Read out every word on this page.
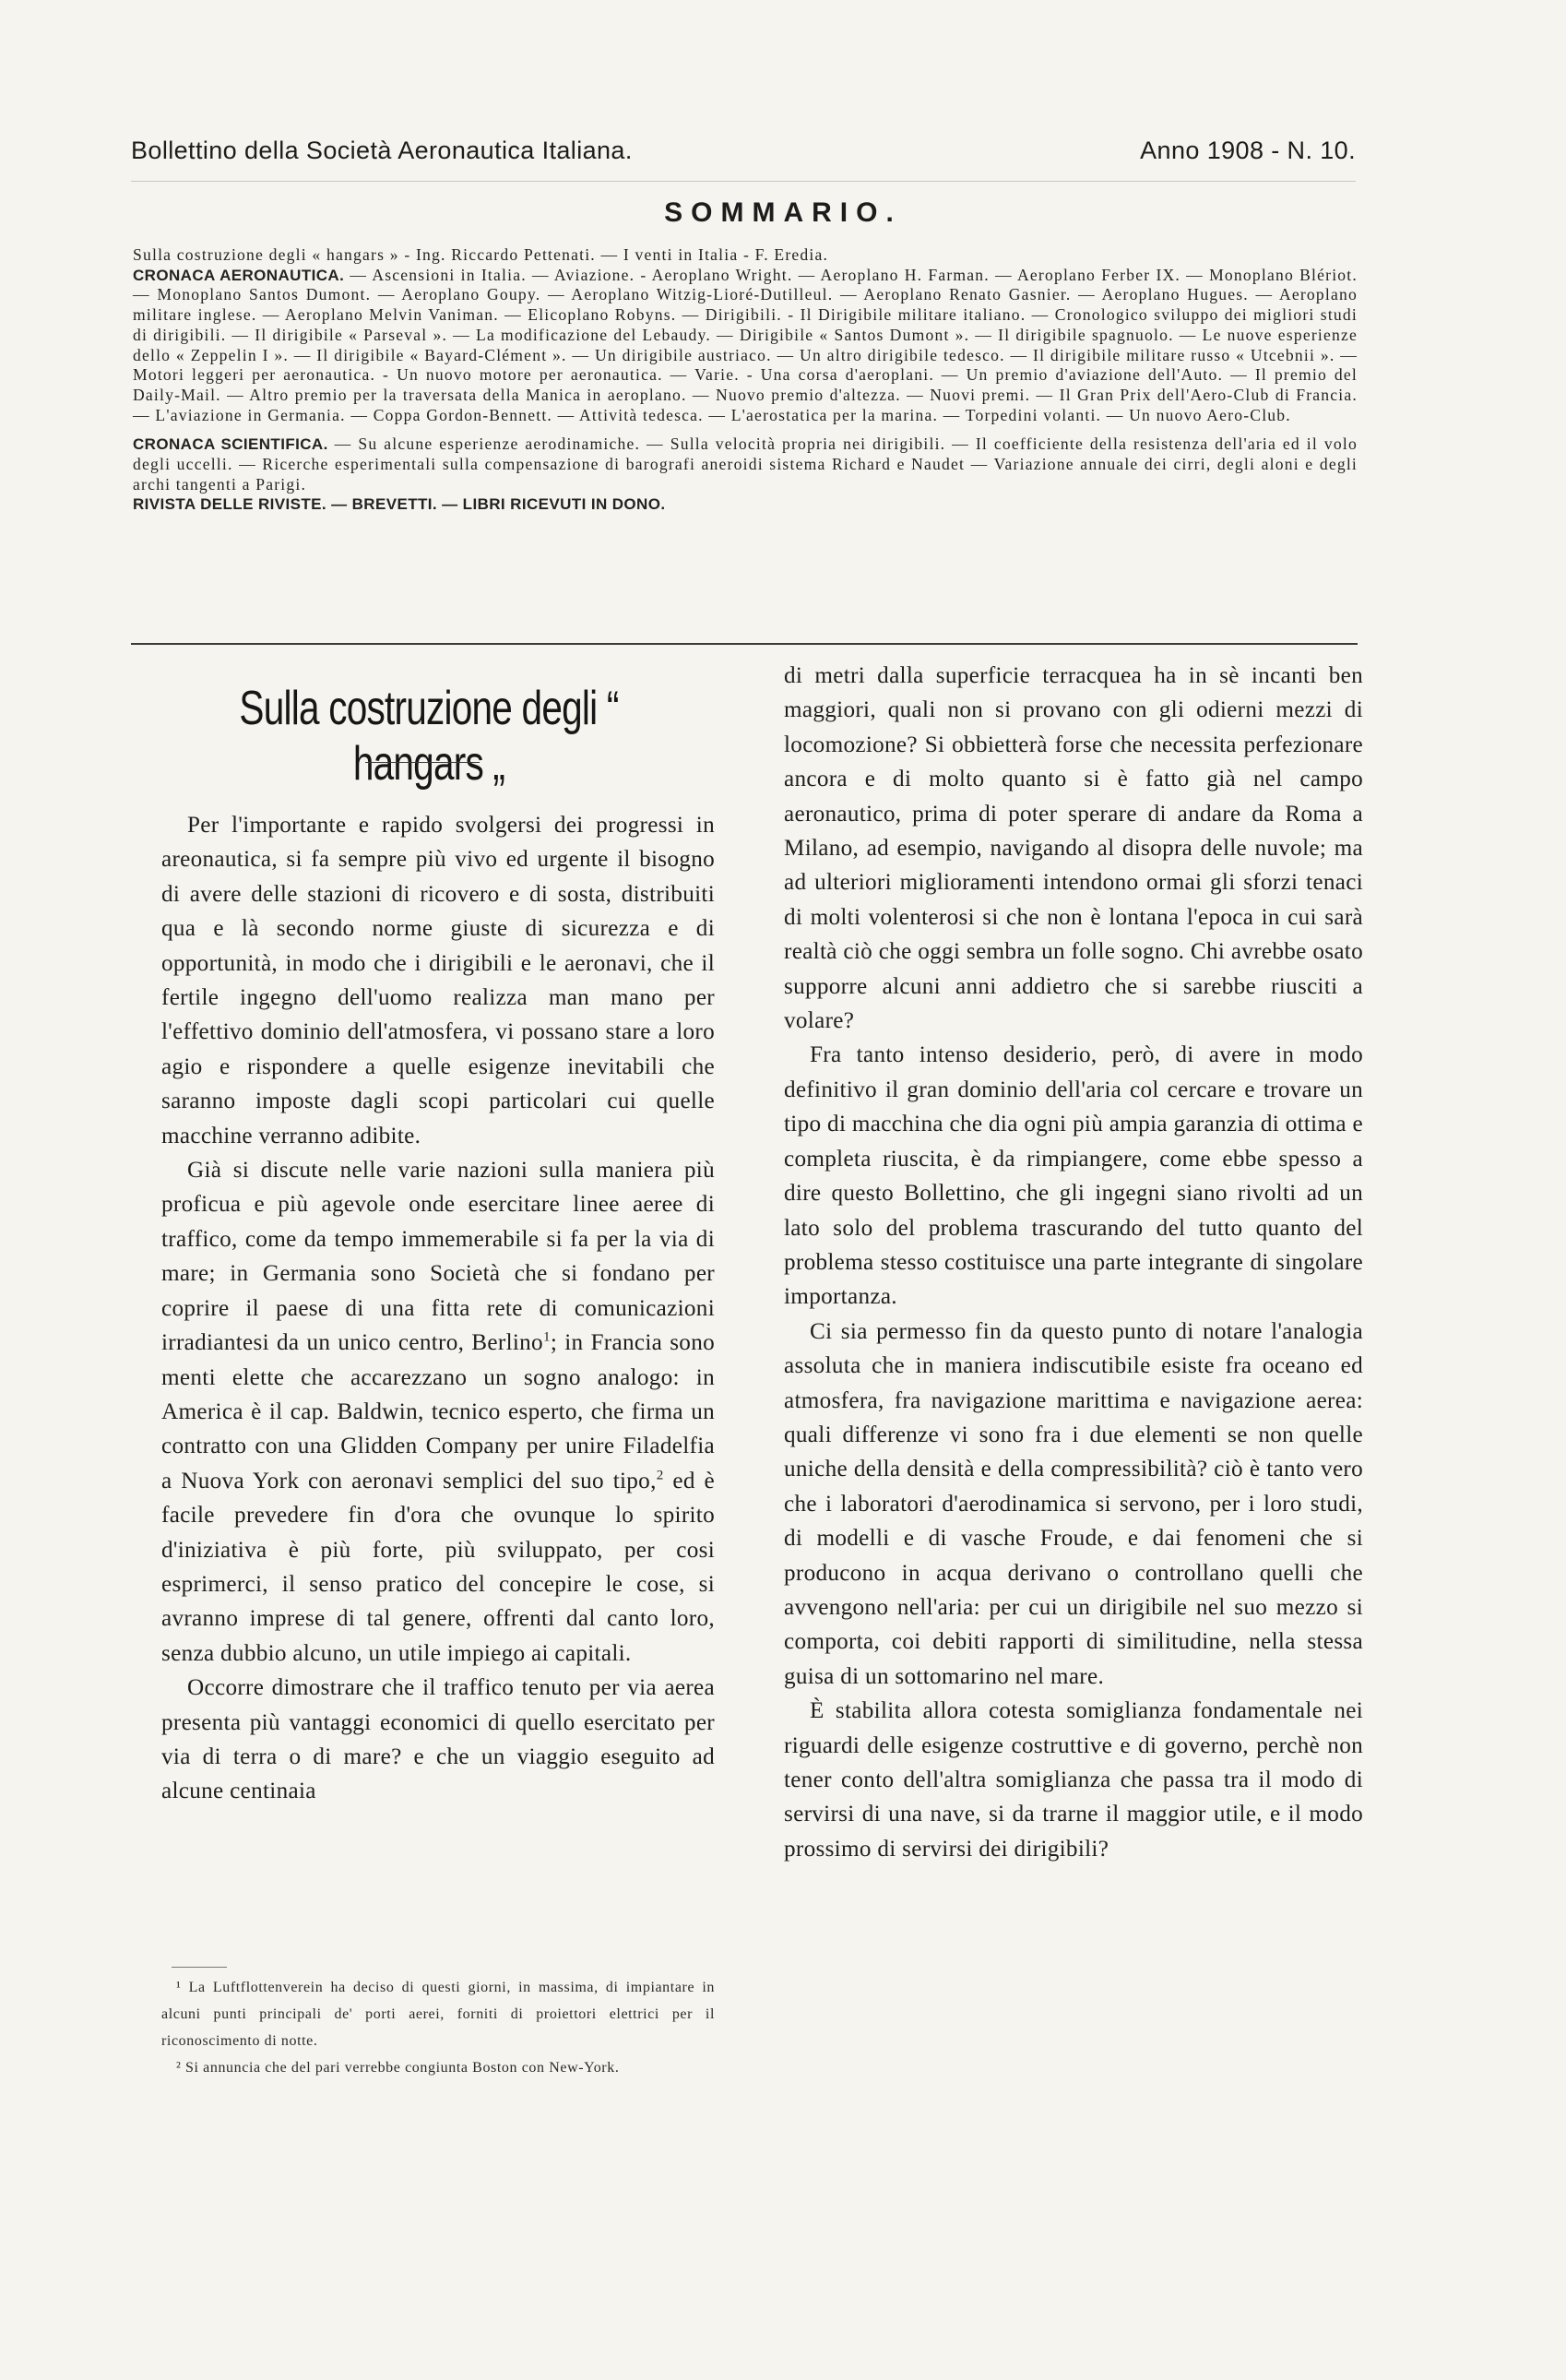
Bollettino della Società Aeronautica Italiana.	Anno 1908 - N. 10.
SOMMARIO.

Sulla costruzione degli « hangars » - Ing. Riccardo Pettenati. — I venti in Italia - F. Eredia.

CRONACA AERONAUTICA. — Ascensioni in Italia. — Aviazione. - Aeroplano Wright. — Aeroplano H. Farman. — Aeroplano Ferber IX. — Monoplano Blériot. — Monoplano Santos Dumont. — Aeroplano Goupy. — Aeroplano Witzig-Lioré-Dutilleul. — Aeroplano Renato Gasnier. — Aeroplano Hugues. — Aeroplano militare inglese. — Aeroplano Melvin Vaniman. — Elicoplano Robyns. — Dirigibili. - Il Dirigibile militare italiano. — Cronologico sviluppo dei migliori studi di dirigibili. — Il dirigibile « Parseval ». — La modificazione del Lebaudy. — Dirigibile « Santos Dumont ». — Il dirigibile spagnuolo. — Le nuove esperienze dello « Zeppelin I ». — Il dirigibile « Bayard-Clément ». — Un dirigibile austriaco. — Un altro dirigibile tedesco. — Il dirigibile militare russo « Utcebnii ». — Motori leggeri per aeronautica. - Un nuovo motore per aeronautica. — Varie. - Una corsa d'aeroplani. — Un premio d'aviazione dell'Auto. — Il premio del Daily-Mail. — Altro premio per la traversata della Manica in aeroplano. — Nuovo premio d'altezza. — Nuovi premi. — Il Gran Prix dell'Aero-Club di Francia. — L'aviazione in Germania. — Coppa Gordon-Bennett. — Attività tedesca. — L'aerostatica per la marina. — Torpedini volanti. — Un nuovo Aero-Club.

CRONACA SCIENTIFICA. — Su alcune esperienze aerodinamiche. — Sulla velocità propria nei dirigibili. — Il coefficiente della resistenza dell'aria ed il volo degli uccelli. — Ricerche esperimentali sulla compensazione di barografi aneroidi sistema Richard e Naudet — Variazione annuale dei cirri, degli aloni e degli archi tangenti a Parigi.

RIVISTA DELLE RIVISTE. — BREVETTI. — LIBRI RICEVUTI IN DONO.

Sulla costruzione degli “ hangars „

Per l'importante e rapido svolgersi dei progressi in areonautica, si fa sempre più vivo ed urgente il bisogno di avere delle stazioni di ricovero e di sosta, distribuiti qua e là secondo norme giuste di sicurezza e di opportunità, in modo che i dirigibili e le aeronavi, che il fertile ingegno dell'uomo realizza man mano per l'effettivo dominio dell'atmosfera, vi possano stare a loro agio e rispondere a quelle esigenze inevitabili che saranno imposte dagli scopi particolari cui quelle macchine verranno adibite.

Già si discute nelle varie nazioni sulla maniera più proficua e più agevole onde esercitare linee aeree di traffico, come da tempo immemerabile si fa per la via di mare; in Germania sono Società che si fondano per coprire il paese di una fitta rete di comunicazioni irradiantesi da un unico centro, Berlino$^1$; in Francia sono menti elette che accarezzano un sogno analogo: in America è il cap. Baldwin, tecnico esperto, che firma un contratto con una Glidden Company per unire Filadelfia a Nuova York con aeronavi semplici del suo tipo,$^2$ ed è facile prevedere fin d'ora che ovunque lo spirito d'iniziativa è più forte, più sviluppato, per cosi esprimerci, il senso pratico del concepire le cose, si avranno imprese di tal genere, offrenti dal canto loro, senza dubbio alcuno, un utile impiego ai capitali.

Occorre dimostrare che il traffico tenuto per via aerea presenta più vantaggi economici di quello esercitato per via di terra o di mare? e che un viaggio eseguito ad alcune centinaia

¹ La Luftflottenverein ha deciso di questi giorni, in massima, di impiantare in alcuni punti principali de' porti aerei, forniti di proiettori elettrici per il riconoscimento di notte.

² Si annuncia che del pari verrebbe congiunta Boston con New-York.

di metri dalla superficie terracquea ha in sè incanti ben maggiori, quali non si provano con gli odierni mezzi di locomozione? Si obbietterà forse che necessita perfezionare ancora e di molto quanto si è fatto già nel campo aeronautico, prima di poter sperare di andare da Roma a Milano, ad esempio, navigando al disopra delle nuvole; ma ad ulteriori miglioramenti intendono ormai gli sforzi tenaci di molti volenterosi si che non è lontana l'epoca in cui sarà realtà ciò che oggi sembra un folle sogno. Chi avrebbe osato supporre alcuni anni addietro che si sarebbe riusciti a volare?

Fra tanto intenso desiderio, però, di avere in modo definitivo il gran dominio dell'aria col cercare e trovare un tipo di macchina che dia ogni più ampia garanzia di ottima e completa riuscita, è da rimpiangere, come ebbe spesso a dire questo Bollettino, che gli ingegni siano rivolti ad un lato solo del problema trascurando del tutto quanto del problema stesso costituisce una parte integrante di singolare importanza.

Ci sia permesso fin da questo punto di notare l'analogia assoluta che in maniera indiscutibile esiste fra oceano ed atmosfera, fra navigazione marittima e navigazione aerea: quali differenze vi sono fra i due elementi se non quelle uniche della densità e della compressibilità? ciò è tanto vero che i laboratori d'aerodinamica si servono, per i loro studi, di modelli e di vasche Froude, e dai fenomeni che si producono in acqua derivano o controllano quelli che avvengono nell'aria: per cui un dirigibile nel suo mezzo si comporta, coi debiti rapporti di similitudine, nella stessa guisa di un sottomarino nel mare.

È stabilita allora cotesta somiglianza fondamentale nei riguardi delle esigenze costruttive e di governo, perchè non tener conto dell'altra somiglianza che passa tra il modo di servirsi di una nave, si da trarne il maggior utile, e il modo prossimo di servirsi dei dirigibili?
